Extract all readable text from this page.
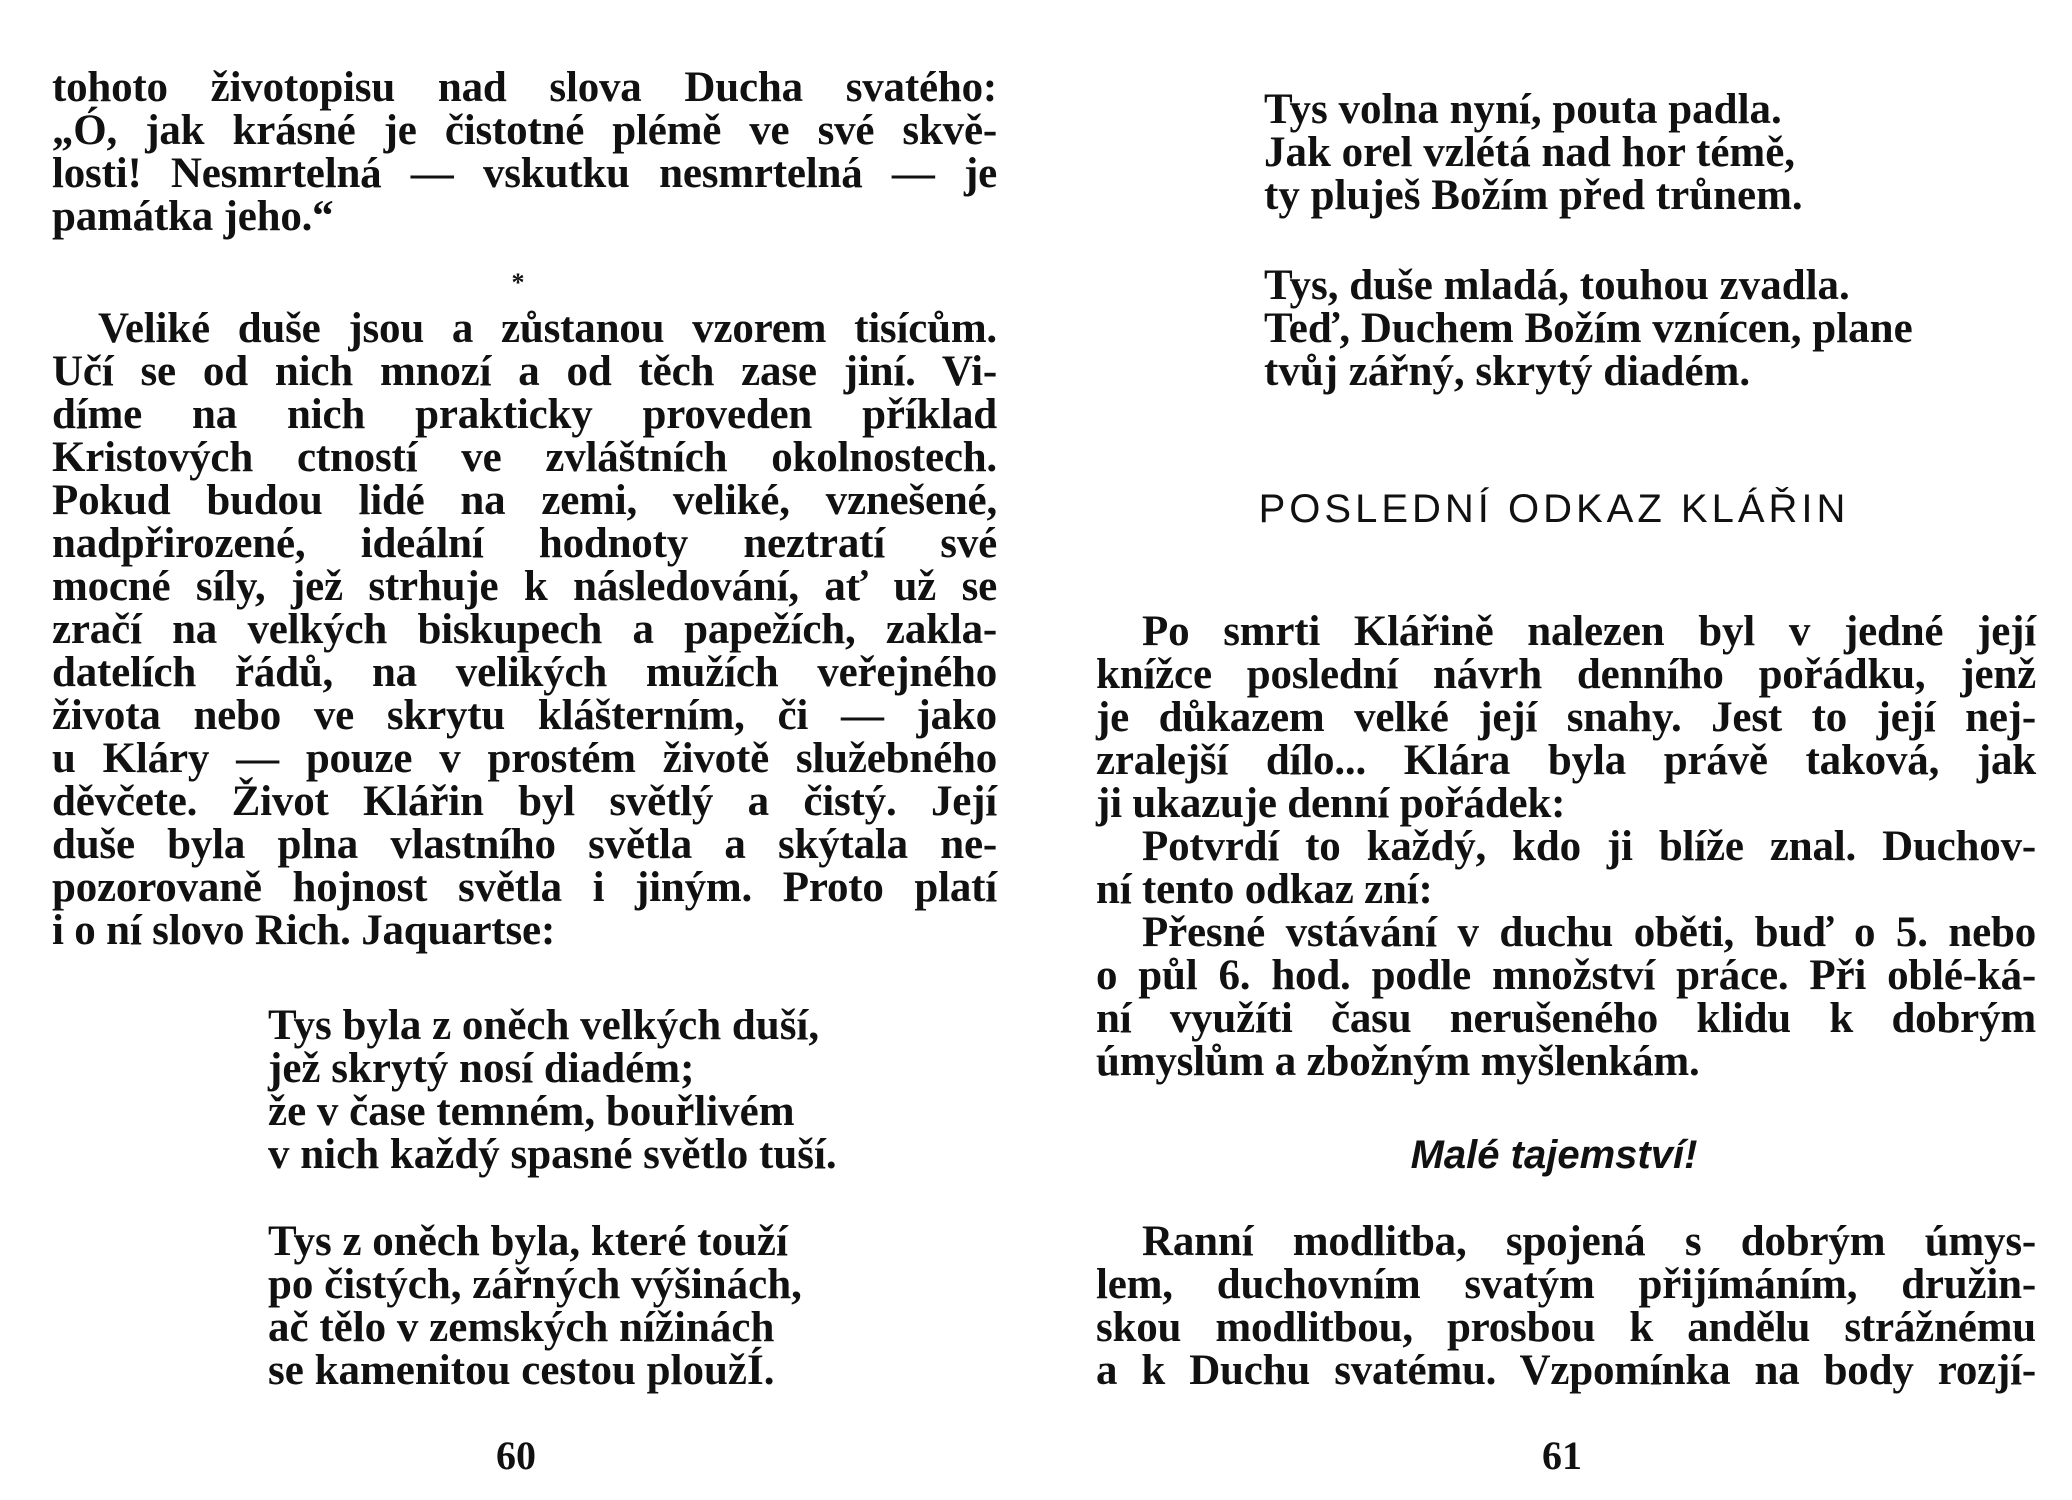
tohoto životopisu nad slova Ducha svatého:
„Ó, jak krásné je čistotné plémě ve své skvě-
losti! Nesmrtelná — vskutku nesmrtelná — je
památka jeho.“
*
Veliké duše jsou a zůstanou vzorem tisícům.
Učí se od nich mnozí a od těch zase jiní. Vi-
díme na nich prakticky proveden příklad
Kristových ctností ve zvláštních okolnostech.
Pokud budou lidé na zemi, veliké, vznešené,
nadpřirozené, ideální hodnoty neztratí své
mocné síly, jež strhuje k následování, ať už se
zračí na velkých biskupech a papežích, zakla-
datelích řádů, na velikých mužích veřejného
života nebo ve skrytu klášterním, či — jako
u Kláry — pouze v prostém životě služebného
děvčete. Život Klářin byl světlý a čistý. Její
duše byla plna vlastního světla a skýtala ne-
pozorovaně hojnost světla i jiným. Proto platí
i o ní slovo Rich. Jaquartse:
Tys byla z oněch velkých duší,
jež skrytý nosí diadém;
že v čase temném, bouřlivém
v nich každý spasné světlo tuší.
Tys z oněch byla, které touží
po čistých, zářných výšinách,
ač tělo v zemských nížinách
se kamenitou cestou ploužÍ.
60
Tys volna nyní, pouta padla.
Jak orel vzlétá nad hor témě,
ty pluješ Božím před trůnem.
Tys, duše mladá, touhou zvadla.
Teď, Duchem Božím vznícen, plane
tvůj zářný, skrytý diadém.
POSLEDNÍ ODKAZ KLÁŘIN
Po smrti Klářině nalezen byl v jedné její
knížce poslední návrh denního pořádku, jenž
je důkazem velké její snahy. Jest to její nej-
zralejší dílo... Klára byla právě taková, jak
ji ukazuje denní pořádek:
Potvrdí to každý, kdo ji blíže znal. Duchov-
ní tento odkaz zní:
Přesné vstávání v duchu oběti, buď o 5. nebo
o půl 6. hod. podle množství práce. Při oblé-ká-
ní využíti času nerušeného klidu k dobrým
úmyslům a zbožným myšlenkám.
Malé tajemství!
Ranní modlitba, spojená s dobrým úmys-
lem, duchovním svatým přijímáním, družin-
skou modlitbou, prosbou k andělu strážnému
a k Duchu svatému. Vzpomínka na body rozjí-
61
